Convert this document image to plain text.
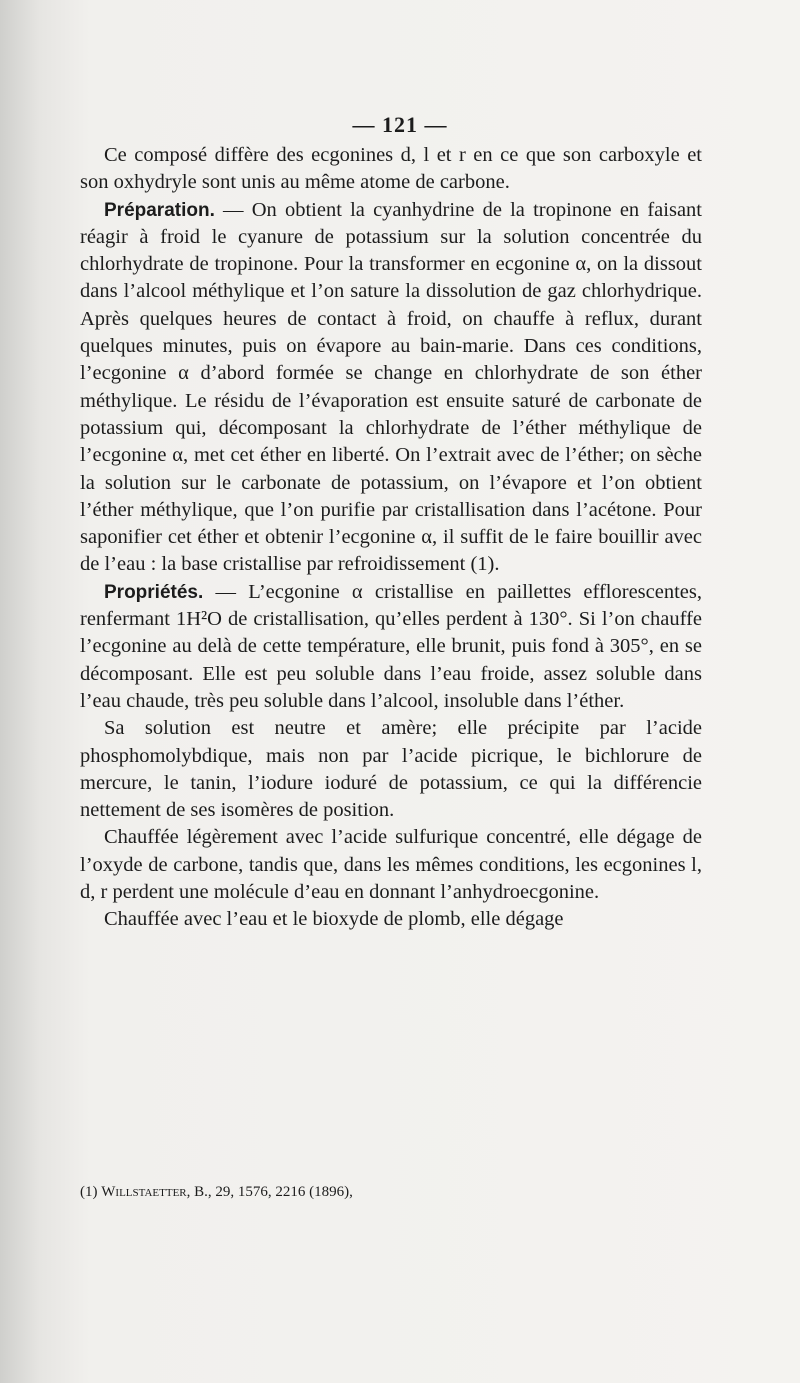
— 121 —

Ce composé diffère des ecgonines d, l et r en ce que son carboxyle et son oxhydryle sont unis au même atome de carbone.

Préparation. — On obtient la cyanhydrine de la tropinone en faisant réagir à froid le cyanure de potassium sur la solution concentrée du chlorhydrate de tropinone. Pour la transformer en ecgonine α, on la dissout dans l’alcool méthylique et l’on sature la dissolution de gaz chlorhydrique. Après quelques heures de contact à froid, on chauffe à reflux, durant quelques minutes, puis on évapore au bain-marie. Dans ces conditions, l’ecgonine α d’abord formée se change en chlorhydrate de son éther méthylique. Le résidu de l’évaporation est ensuite saturé de carbonate de potassium qui, décomposant la chlorhydrate de l’éther méthylique de l’ecgonine α, met cet éther en liberté. On l’extrait avec de l’éther; on sèche la solution sur le carbonate de potassium, on l’évapore et l’on obtient l’éther méthylique, que l’on purifie par cristallisation dans l’acétone. Pour saponifier cet éther et obtenir l’ecgonine α, il suffit de le faire bouillir avec de l’eau : la base cristallise par refroidissement (1).

Propriétés. — L’ecgonine α cristallise en paillettes efflorescentes, renfermant 1H²O de cristallisation, qu’elles perdent à 130°. Si l’on chauffe l’ecgonine au delà de cette température, elle brunit, puis fond à 305°, en se décomposant. Elle est peu soluble dans l’eau froide, assez soluble dans l’eau chaude, très peu soluble dans l’alcool, insoluble dans l’éther.

Sa solution est neutre et amère; elle précipite par l’acide phosphomolybdique, mais non par l’acide picrique, le bichlorure de mercure, le tanin, l’iodure ioduré de potassium, ce qui la différencie nettement de ses isomères de position.

Chauffée légèrement avec l’acide sulfurique concentré, elle dégage de l’oxyde de carbone, tandis que, dans les mêmes conditions, les ecgonines l, d, r perdent une molécule d’eau en donnant l’anhydroecgonine.

Chauffée avec l’eau et le bioxyde de plomb, elle dégage

(1) Willstaetter, B., 29, 1576, 2216 (1896),
